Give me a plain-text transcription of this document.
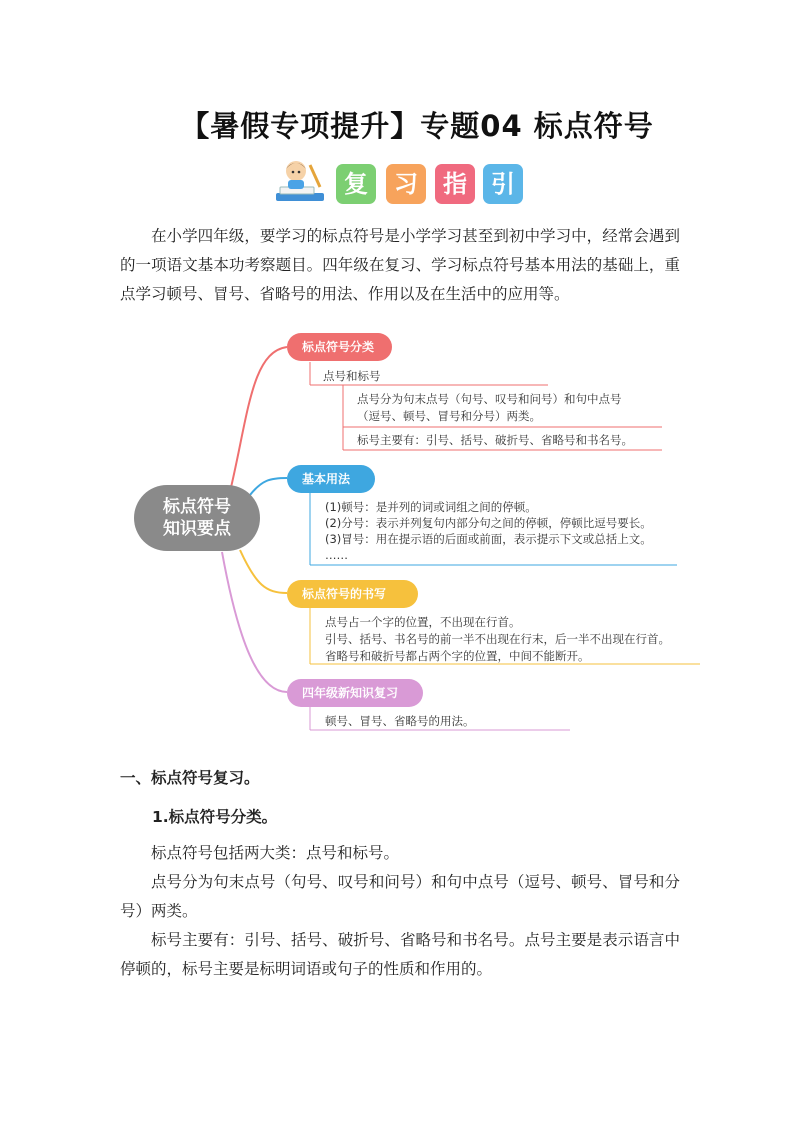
【暑假专项提升】专题04 标点符号
复	习	指	引

在小学四年级，要学习的标点符号是小学学习甚至到初中学习中，经常会遇到的一项语文基本功考察题目。四年级在复习、学习标点符号基本用法的基础上，重点学习顿号、冒号、省略号的用法、作用以及在生活中的应用等。

标点符号
知识要点
标点符号分类
点号和标号
点号分为句末点号（句号、叹号和问号）和句中点号
（逗号、顿号、冒号和分号）两类。
标号主要有：引号、括号、破折号、省略号和书名号。
基本用法
(1)顿号：是并列的词或词组之间的停顿。
(2)分号：表示并列复句内部分句之间的停顿，停顿比逗号要长。
(3)冒号：用在提示语的后面或前面，表示提示下文或总括上文。
……
标点符号的书写
点号占一个字的位置，不出现在行首。
引号、括号、书名号的前一半不出现在行末，后一半不出现在行首。
省略号和破折号都占两个字的位置，中间不能断开。
四年级新知识复习
顿号、冒号、省略号的用法。
一、标点符号复习。
1.标点符号分类。

标点符号包括两大类：点号和标号。

点号分为句末点号（句号、叹号和问号）和句中点号（逗号、顿号、冒号和分号）两类。

标号主要有：引号、括号、破折号、省略号和书名号。点号主要是表示语言中停顿的，标号主要是标明词语或句子的性质和作用的。
